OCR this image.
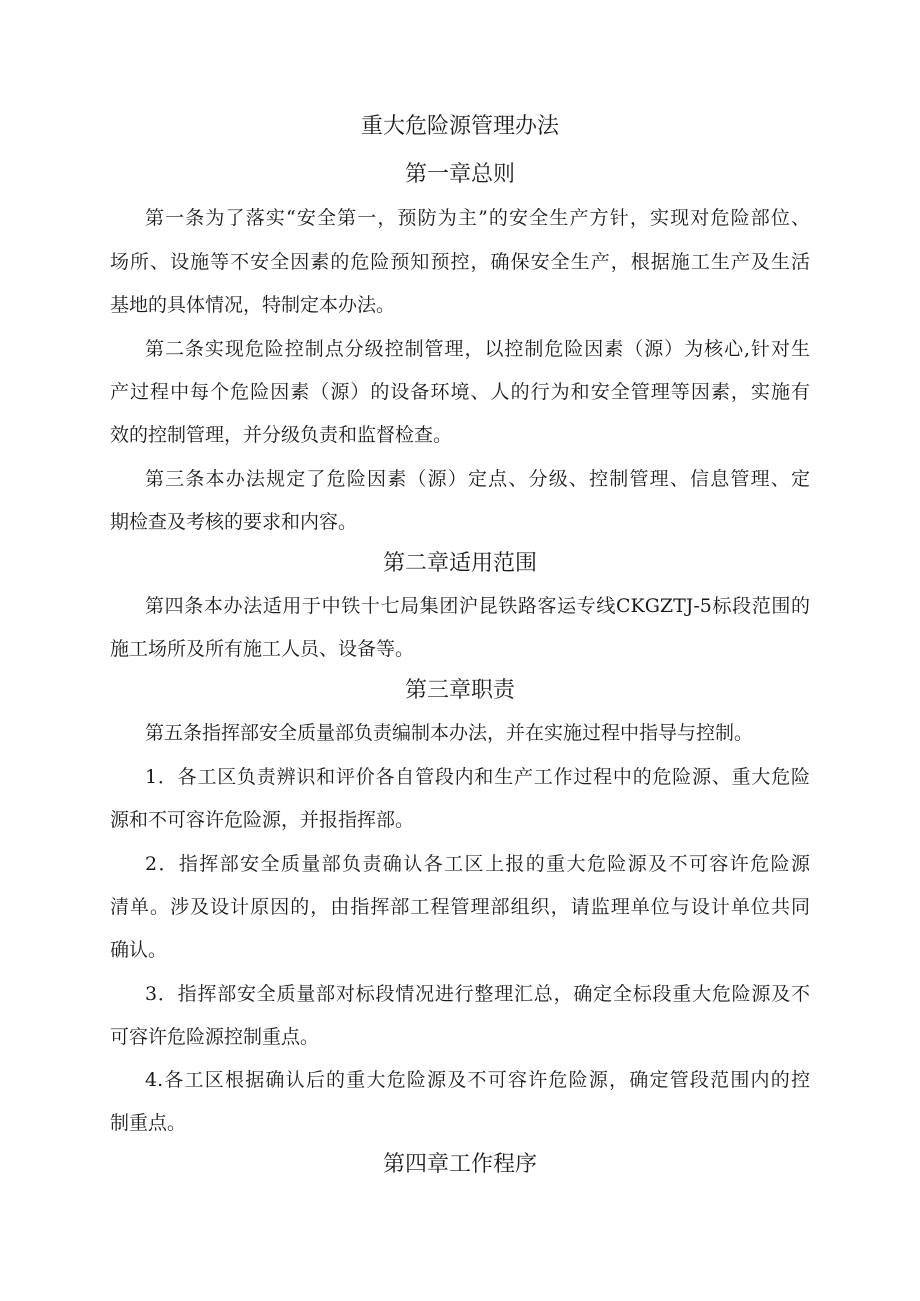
重大危险源管理办法
第一章总则
第一条为了落实“安全第一，预防为主”的安全生产方针，实现对危险部位、
场所、设施等不安全因素的危险预知预控，确保安全生产，根据施工生产及生活
基地的具体情况，特制定本办法。
第二条实现危险控制点分级控制管理，以控制危险因素（源）为核心,针对生
产过程中每个危险因素（源）的设备环境、人的行为和安全管理等因素，实施有
效的控制管理，并分级负责和监督检查。
第三条本办法规定了危险因素（源）定点、分级、控制管理、信息管理、定
期检查及考核的要求和内容。
第二章适用范围
第四条本办法适用于中铁十七局集团沪昆铁路客运专线CKGZTJ-5标段范围的
施工场所及所有施工人员、设备等。
第三章职责
第五条指挥部安全质量部负责编制本办法，并在实施过程中指导与控制。
1．各工区负责辨识和评价各自管段内和生产工作过程中的危险源、重大危险
源和不可容许危险源，并报指挥部。
2．指挥部安全质量部负责确认各工区上报的重大危险源及不可容许危险源
清单。涉及设计原因的，由指挥部工程管理部组织，请监理单位与设计单位共同
确认。
3．指挥部安全质量部对标段情况进行整理汇总，确定全标段重大危险源及不
可容许危险源控制重点。
4.各工区根据确认后的重大危险源及不可容许危险源，确定管段范围内的控
制重点。
第四章工作程序
